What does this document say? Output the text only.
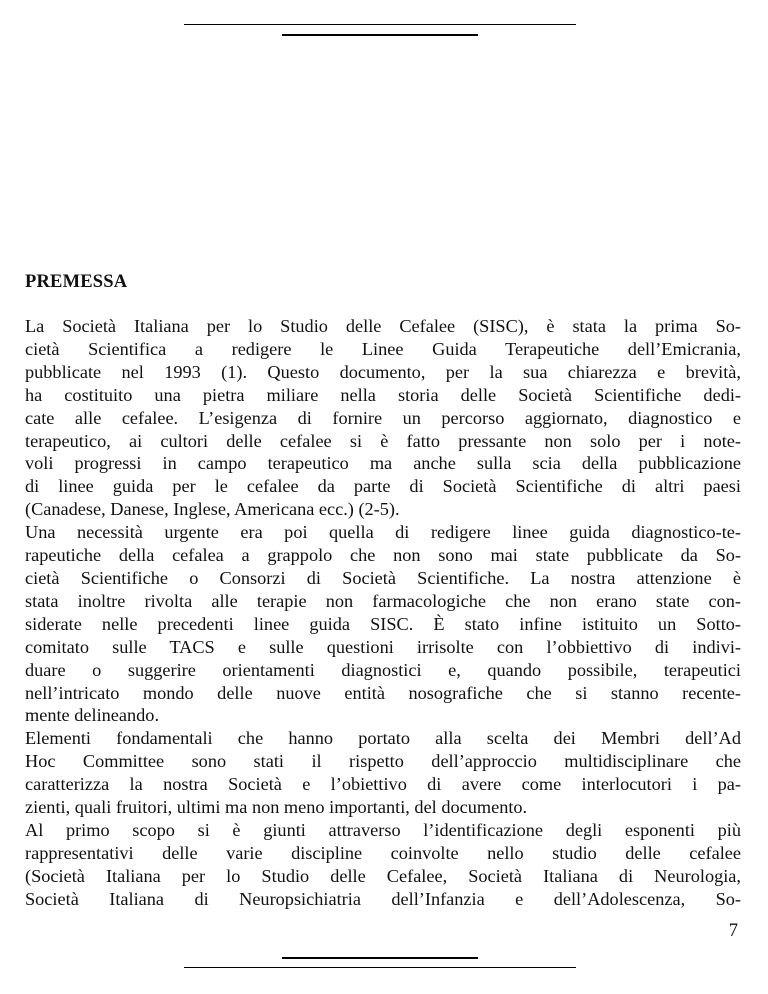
PREMESSA
La Società Italiana per lo Studio delle Cefalee (SISC), è stata la prima So-
cietà Scientifica a redigere le Linee Guida Terapeutiche dell’Emicrania,
pubblicate nel 1993 (1). Questo documento, per la sua chiarezza e brevità,
ha costituito una pietra miliare nella storia delle Società Scientifiche dedi-
cate alle cefalee. L’esigenza di fornire un percorso aggiornato, diagnostico e
terapeutico, ai cultori delle cefalee si è fatto pressante non solo per i note-
voli progressi in campo terapeutico ma anche sulla scia della pubblicazione
di linee guida per le cefalee da parte di Società Scientifiche di altri paesi
(Canadese, Danese, Inglese, Americana ecc.) (2-5).
Una necessità urgente era poi quella di redigere linee guida diagnostico-te-
rapeutiche della cefalea a grappolo che non sono mai state pubblicate da So-
cietà Scientifiche o Consorzi di Società Scientifiche. La nostra attenzione è
stata inoltre rivolta alle terapie non farmacologiche che non erano state con-
siderate nelle precedenti linee guida SISC. È stato infine istituito un Sotto-
comitato sulle TACS e sulle questioni irrisolte con l’obbiettivo di indivi-
duare o suggerire orientamenti diagnostici e, quando possibile, terapeutici
nell’intricato mondo delle nuove entità nosografiche che si stanno recente-
mente delineando.
Elementi fondamentali che hanno portato alla scelta dei Membri dell’Ad
Hoc Committee sono stati il rispetto dell’approccio multidisciplinare che
caratterizza la nostra Società e l’obiettivo di avere come interlocutori i pa-
zienti, quali fruitori, ultimi ma non meno importanti, del documento.
Al primo scopo si è giunti attraverso l’identificazione degli esponenti più
rappresentativi delle varie discipline coinvolte nello studio delle cefalee
(Società Italiana per lo Studio delle Cefalee, Società Italiana di Neurologia,
Società Italiana di Neuropsichiatria dell’Infanzia e dell’Adolescenza, So-
7
